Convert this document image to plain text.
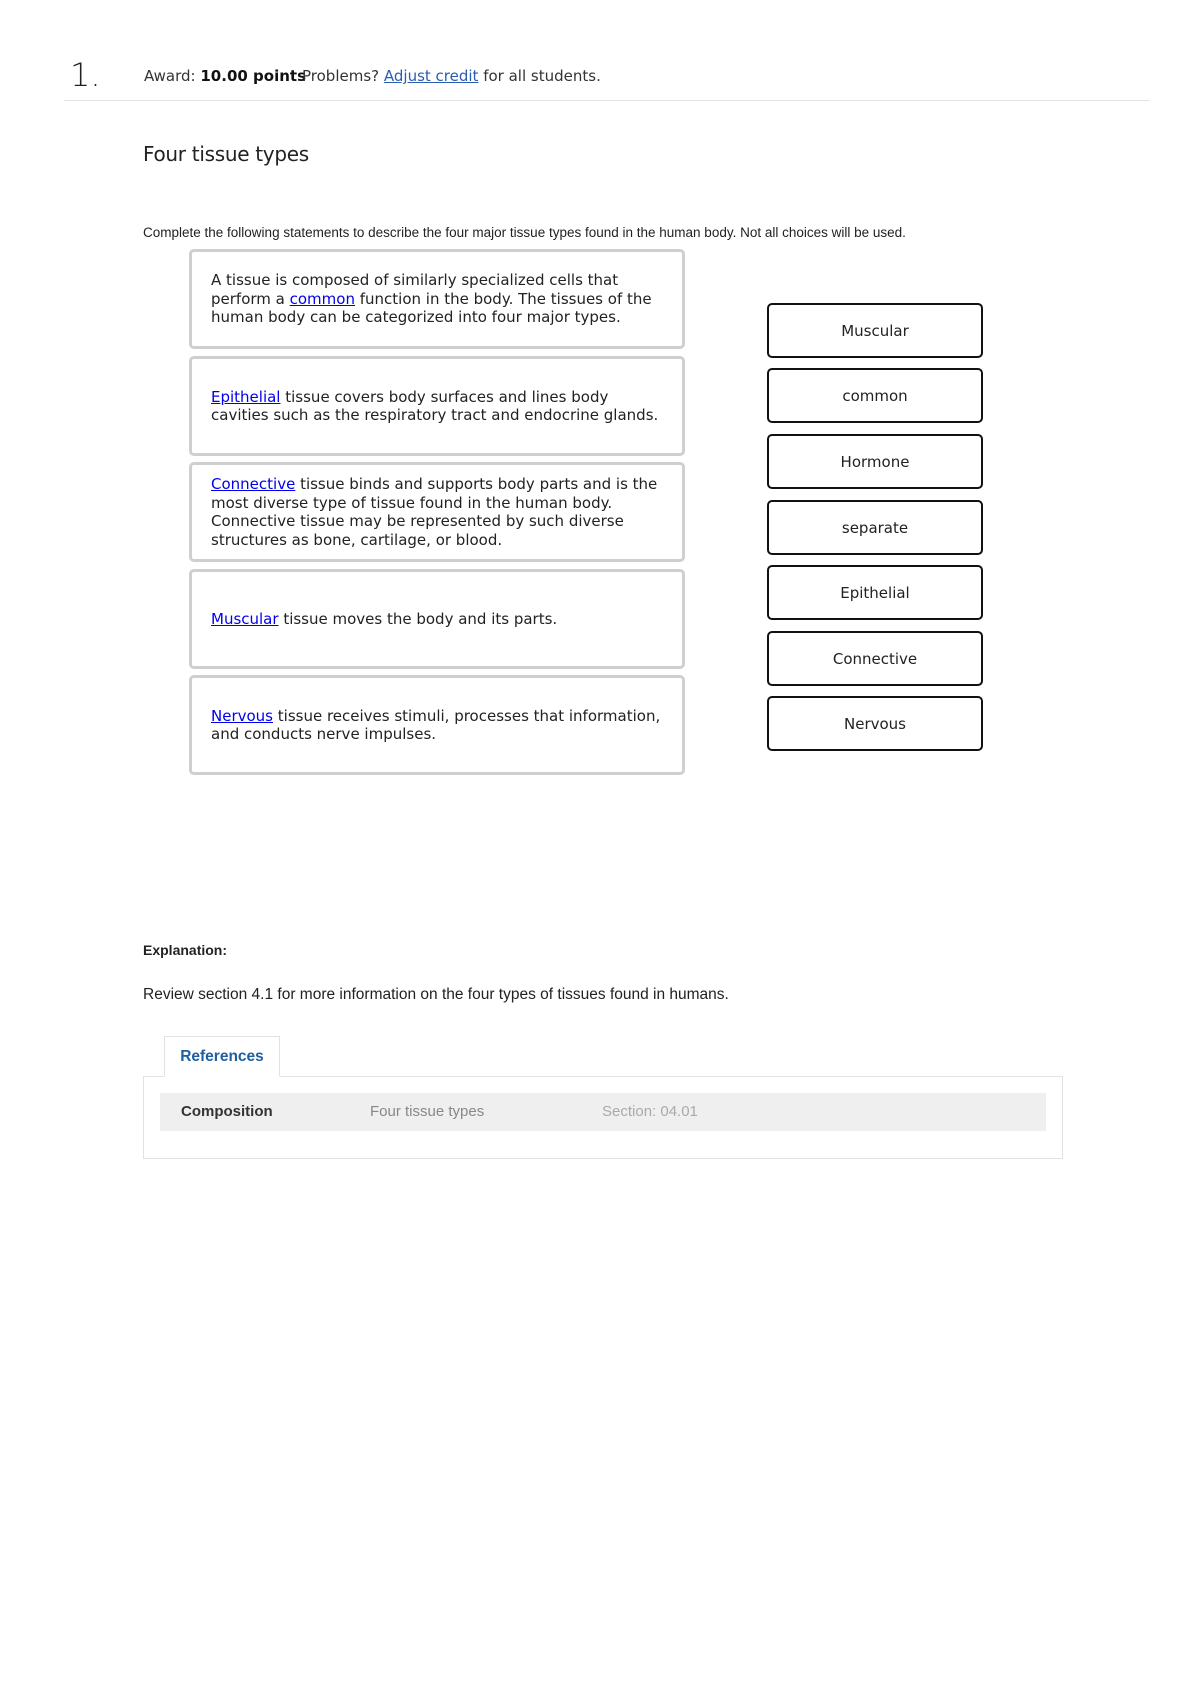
1.	Award: 10.00 points
Problems? Adjust credit for all students.
Four tissue types
Complete the following statements to describe the four major tissue types found in the human body. Not all choices will be used.
A tissue is composed of similarly specialized cells that perform a common function in the body. The tissues of the human body can be categorized into four major types.
Epithelial tissue covers body surfaces and lines body cavities such as the respiratory tract and endocrine glands.
Connective tissue binds and supports body parts and is the most diverse type of tissue found in the human body. Connective tissue may be represented by such diverse structures as bone, cartilage, or blood.
Muscular tissue moves the body and its parts.
Nervous tissue receives stimuli, processes that information, and conducts nerve impulses.
Muscular
common
Hormone
separate
Epithelial
Connective
Nervous
Explanation:
Review section 4.1 for more information on the four types of tissues found in humans.
References
Composition	Four tissue types	Section: 04.01
